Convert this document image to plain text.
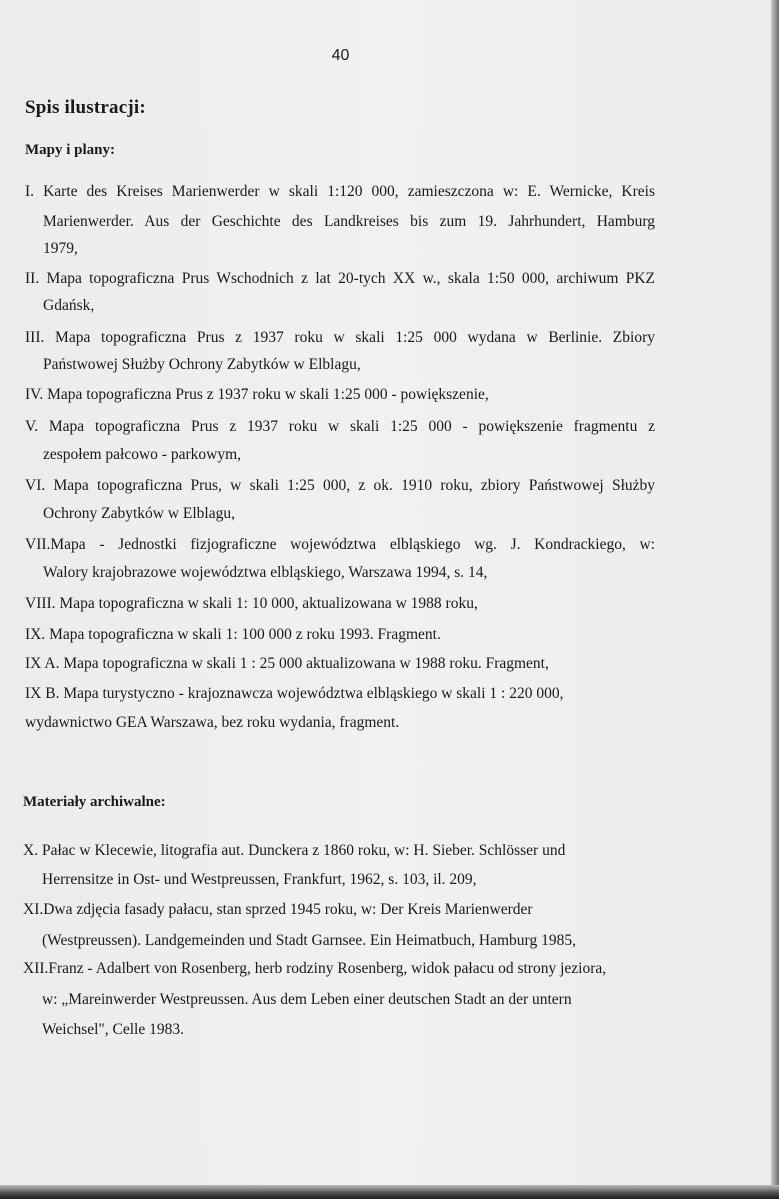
40
Spis ilustracji:
Mapy i plany:
I. Karte des Kreises Marienwerder w skali 1:120 000, zamieszczona w: E. Wernicke, Kreis
Marienwerder. Aus der Geschichte des Landkreises bis zum 19. Jahrhundert, Hamburg
1979,
II. Mapa topograficzna Prus Wschodnich z lat 20-tych XX w., skala 1:50 000, archiwum PKZ
Gdańsk,
III. Mapa topograficzna Prus z 1937 roku w skali 1:25 000 wydana w Berlinie. Zbiory
Państwowej Służby Ochrony Zabytków w Elblagu,
IV. Mapa topograficzna Prus z 1937 roku w skali 1:25 000 - powiększenie,
V. Mapa topograficzna Prus z 1937 roku w skali 1:25 000 - powiększenie fragmentu z
zespołem pałcowo - parkowym,
VI. Mapa topograficzna Prus, w skali 1:25 000, z ok. 1910 roku, zbiory Państwowej Służby
Ochrony Zabytków w Elblagu,
VII.Mapa - Jednostki fizjograficzne województwa elbląskiego wg. J. Kondrackiego, w:
Walory krajobrazowe województwa elbląskiego, Warszawa 1994, s. 14,
VIII. Mapa topograficzna w skali 1: 10 000, aktualizowana w 1988 roku,
IX. Mapa topograficzna w skali 1: 100 000 z roku 1993. Fragment.
IX A. Mapa topograficzna w skali 1 : 25 000 aktualizowana w 1988 roku. Fragment,
IX B. Mapa turystyczno - krajoznawcza województwa elbląskiego w skali 1 : 220 000,
wydawnictwo GEA Warszawa, bez roku wydania, fragment.
Materiały archiwalne:
X. Pałac w Klecewie, litografia aut. Dunckera z 1860 roku, w: H. Sieber. Schlösser und
Herrensitze in Ost- und Westpreussen, Frankfurt, 1962, s. 103, il. 209,
XI.Dwa zdjęcia fasady pałacu, stan sprzed 1945 roku, w: Der Kreis Marienwerder
(Westpreussen). Landgemeinden und Stadt Garnsee. Ein Heimatbuch, Hamburg 1985,
XII.Franz - Adalbert von Rosenberg, herb rodziny Rosenberg, widok pałacu od strony jeziora,
w: „Mareinwerder Westpreussen. Aus dem Leben einer deutschen Stadt an der untern
Weichsel", Celle 1983.
